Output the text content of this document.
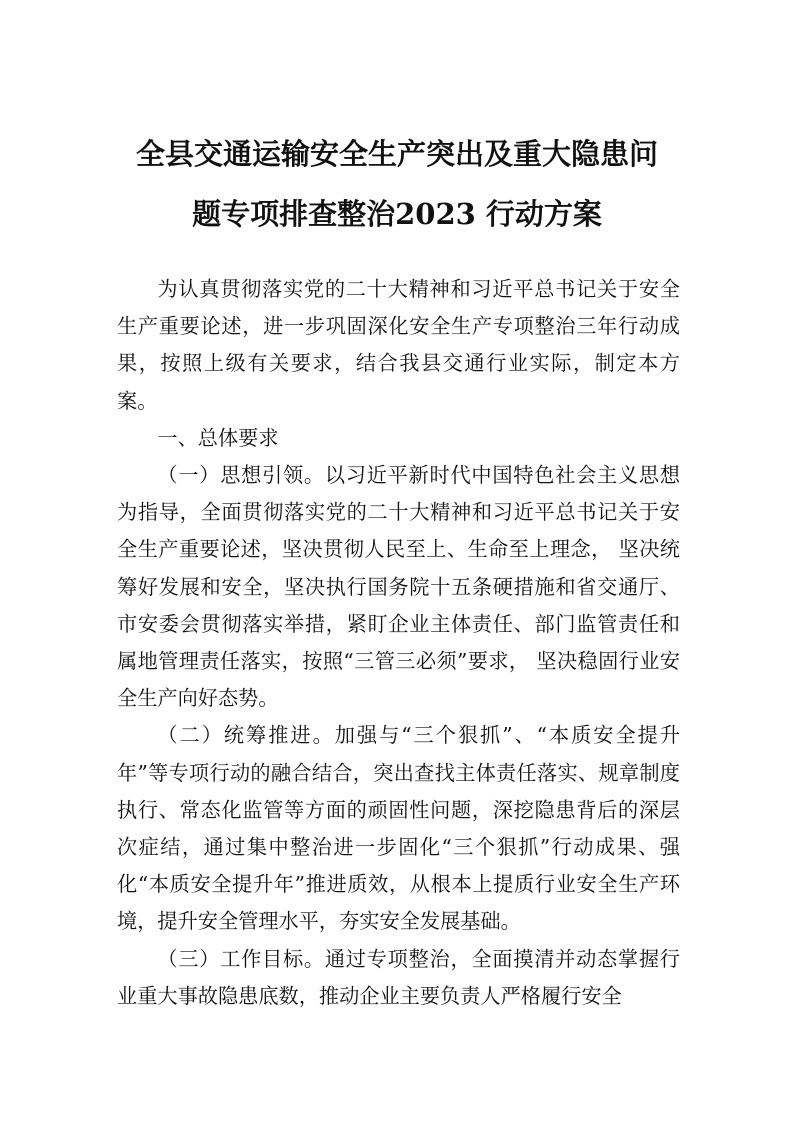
全县交通运输安全生产突出及重大隐患问
题专项排查整治2023 行动方案

为认真贯彻落实党的二十大精神和习近平总书记关于安全生产重要论述，进一步巩固深化安全生产专项整治三年行动成果，按照上级有关要求，结合我县交通行业实际，制定本方案。

一、总体要求

（一）思想引领。以习近平新时代中国特色社会主义思想为指导，全面贯彻落实党的二十大精神和习近平总书记关于安全生产重要论述，坚决贯彻人民至上、生命至上理念， 坚决统筹好发展和安全，坚决执行国务院十五条硬措施和省交通厅、市安委会贯彻落实举措，紧盯企业主体责任、部门监管责任和属地管理责任落实，按照“三管三必须”要求， 坚决稳固行业安全生产向好态势。

（二）统筹推进。加强与“三个狠抓”、“本质安全提升年”等专项行动的融合结合，突出查找主体责任落实、规章制度执行、常态化监管等方面的顽固性问题，深挖隐患背后的深层次症结，通过集中整治进一步固化“三个狠抓”行动成果、强化“本质安全提升年”推进质效，从根本上提质行业安全生产环境，提升安全管理水平，夯实安全发展基础。

（三）工作目标。通过专项整治，全面摸清并动态掌握行业重大事故隐患底数，推动企业主要负责人严格履行安全
